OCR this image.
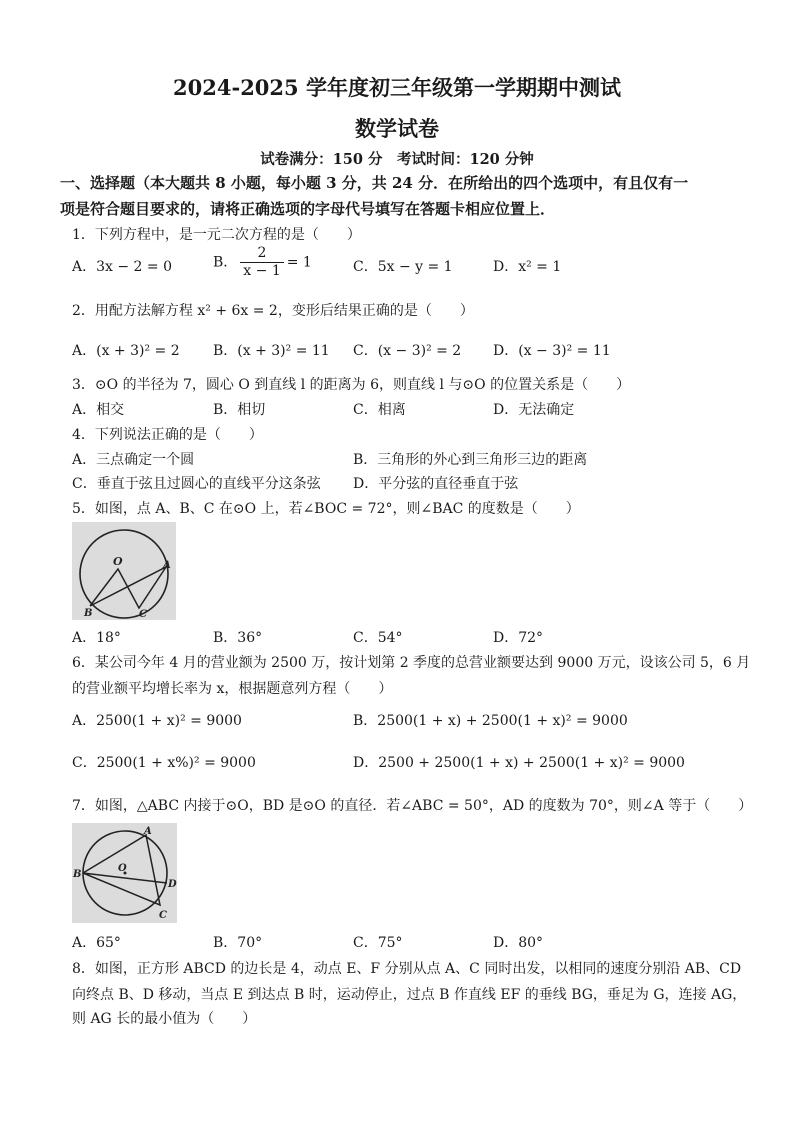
2024-2025 学年度初三年级第一学期期中测试
数学试卷
试卷满分：150 分　考试时间：120 分钟
一、选择题（本大题共 8 小题，每小题 3 分，共 24 分．在所给出的四个选项中，有且仅有一
项是符合题目要求的，请将正确选项的字母代号填写在答题卡相应位置上．
1．下列方程中，是一元二次方程的是（　　）
A．3x − 2 = 0	B． $\frac{2}{x - 1} = 1$	C．5x − y = 1	D．x² = 1
2．用配方法解方程 x² + 6x = 2，变形后结果正确的是（　　）
A．(x + 3)² = 2 B．(x + 3)² = 11 C．(x − 3)² = 2 D．(x − 3)² = 11
3．⊙O 的半径为 7，圆心 O 到直线 l 的距离为 6，则直线 l 与⊙O 的位置关系是（　　）
A．相交	B．相切	C．相离	D．无法确定
4．下列说法正确的是（　　）
A．三点确定一个圆	B．三角形的外心到三角形三边的距离
C．垂直于弦且过圆心的直线平分这条弦 D．平分弦的直径垂直于弦
5．如图，点 A、B、C 在⊙O 上，若∠BOC = 72°，则∠BAC 的度数是（　　）
O	A
B	C
A．18°	B．36°	C．54°	D．72°
6．某公司今年 4 月的营业额为 2500 万，按计划第 2 季度的总营业额要达到 9000 万元，设该公司 5，6 月
的营业额平均增长率为 x，根据题意列方程（　　）
A．2500(1 + x)² = 9000	B．2500(1 + x) + 2500(1 + x)² = 9000
C．2500(1 + x%)² = 9000	D．2500 + 2500(1 + x) + 2500(1 + x)² = 9000
7．如图，△ABC 内接于⊙O，BD 是⊙O 的直径．若∠ABC = 50°，AD 的度数为 70°，则∠A 等于（　　）
O
A
B
D
C
A．65°	B．70°	C．75°	D．80°
8．如图，正方形 ABCD 的边长是 4，动点 E、F 分别从点 A、C 同时出发，以相同的速度分别沿 AB、CD
向终点 B、D 移动，当点 E 到达点 B 时，运动停止，过点 B 作直线 EF 的垂线 BG，垂足为 G，连接 AG，
则 AG 长的最小值为（　　）
